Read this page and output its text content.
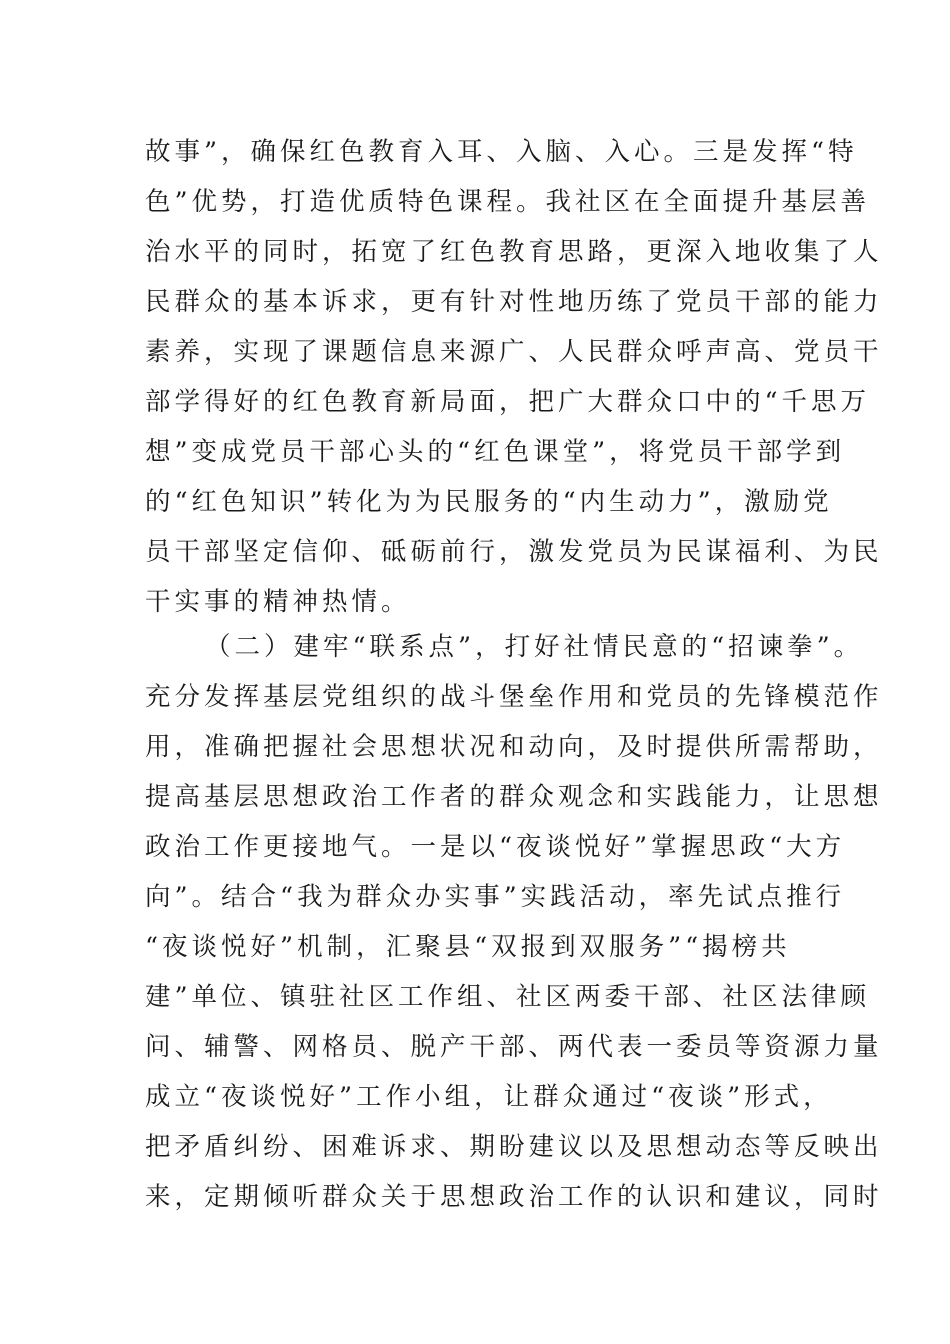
故事”，确保红色教育入耳、入脑、入心。三是发挥“特
色”优势，打造优质特色课程。我社区在全面提升基层善
治水平的同时，拓宽了红色教育思路，更深入地收集了人
民群众的基本诉求，更有针对性地历练了党员干部的能力
素养，实现了课题信息来源广、人民群众呼声高、党员干
部学得好的红色教育新局面，把广大群众口中的“千思万
想”变成党员干部心头的“红色课堂”，将党员干部学到
的“红色知识”转化为为民服务的“内生动力”，激励党
员干部坚定信仰、砥砺前行，激发党员为民谋福利、为民
干实事的精神热情。
（二）建牢“联系点”，打好社情民意的“招谏拳”。
充分发挥基层党组织的战斗堡垒作用和党员的先锋模范作
用，准确把握社会思想状况和动向，及时提供所需帮助，
提高基层思想政治工作者的群众观念和实践能力，让思想
政治工作更接地气。一是以“夜谈悦好”掌握思政“大方
向”。结合“我为群众办实事”实践活动，率先试点推行
“夜谈悦好”机制，汇聚县“双报到双服务”“揭榜共
建”单位、镇驻社区工作组、社区两委干部、社区法律顾
问、辅警、网格员、脱产干部、两代表一委员等资源力量
成立“夜谈悦好”工作小组，让群众通过“夜谈”形式，
把矛盾纠纷、困难诉求、期盼建议以及思想动态等反映出
来，定期倾听群众关于思想政治工作的认识和建议，同时
